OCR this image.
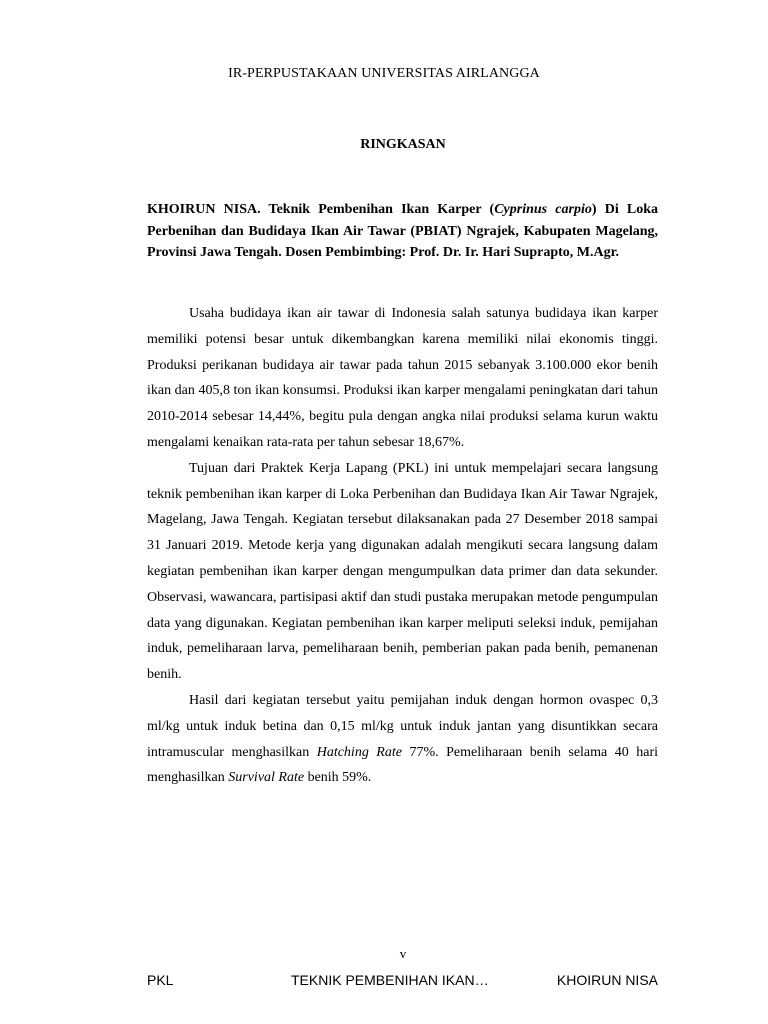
IR-PERPUSTAKAAN UNIVERSITAS AIRLANGGA
RINGKASAN
KHOIRUN NISA. Teknik Pembenihan Ikan Karper (Cyprinus carpio) Di Loka Perbenihan dan Budidaya Ikan Air Tawar (PBIAT) Ngrajek, Kabupaten Magelang, Provinsi Jawa Tengah. Dosen Pembimbing: Prof. Dr. Ir. Hari Suprapto, M.Agr.

Usaha budidaya ikan air tawar di Indonesia salah satunya budidaya ikan karper memiliki potensi besar untuk dikembangkan karena memiliki nilai ekonomis tinggi. Produksi perikanan budidaya air tawar pada tahun 2015 sebanyak 3.100.000 ekor benih ikan dan 405,8 ton ikan konsumsi. Produksi ikan karper mengalami peningkatan dari tahun 2010-2014 sebesar 14,44%, begitu pula dengan angka nilai produksi selama kurun waktu mengalami kenaikan rata-rata per tahun sebesar 18,67%.

Tujuan dari Praktek Kerja Lapang (PKL) ini untuk mempelajari secara langsung teknik pembenihan ikan karper di Loka Perbenihan dan Budidaya Ikan Air Tawar Ngrajek, Magelang, Jawa Tengah. Kegiatan tersebut dilaksanakan pada 27 Desember 2018 sampai 31 Januari 2019. Metode kerja yang digunakan adalah mengikuti secara langsung dalam kegiatan pembenihan ikan karper dengan mengumpulkan data primer dan data sekunder. Observasi, wawancara, partisipasi aktif dan studi pustaka merupakan metode pengumpulan data yang digunakan. Kegiatan pembenihan ikan karper meliputi seleksi induk, pemijahan induk, pemeliharaan larva, pemeliharaan benih, pemberian pakan pada benih, pemanenan benih.

Hasil dari kegiatan tersebut yaitu pemijahan induk dengan hormon ovaspec 0,3 ml/kg untuk induk betina dan 0,15 ml/kg untuk induk jantan yang disuntikkan secara intramuscular menghasilkan Hatching Rate 77%. Pemeliharaan benih selama 40 hari menghasilkan Survival Rate benih 59%.

v
PKL	TEKNIK PEMBENIHAN IKAN…	KHOIRUN NISA
